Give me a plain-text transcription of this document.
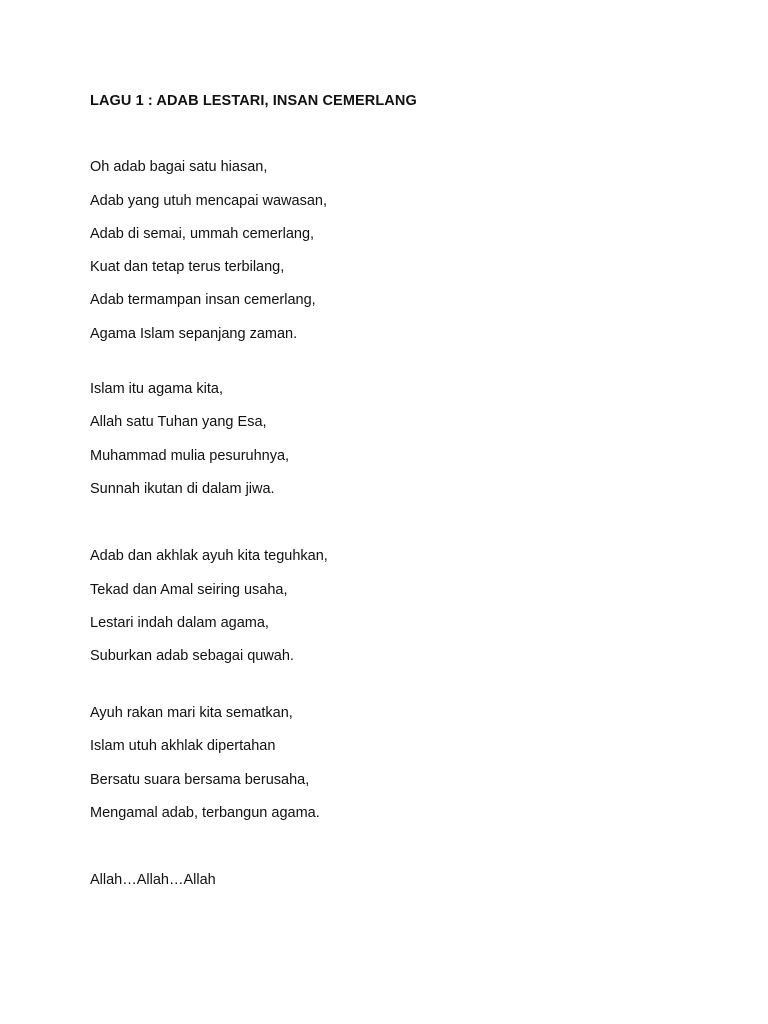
LAGU 1 : ADAB LESTARI, INSAN CEMERLANG
Oh adab bagai satu hiasan,
Adab yang utuh mencapai wawasan,
Adab di semai, ummah cemerlang,
Kuat dan tetap terus terbilang,
Adab termampan insan cemerlang,
Agama Islam sepanjang zaman.
Islam itu agama kita,
Allah satu Tuhan yang Esa,
Muhammad mulia pesuruhnya,
Sunnah ikutan di dalam jiwa.
Adab dan akhlak ayuh kita teguhkan,
Tekad dan Amal seiring usaha,
Lestari indah dalam agama,
Suburkan adab sebagai quwah.
Ayuh rakan mari kita sematkan,
Islam utuh akhlak dipertahan
Bersatu suara bersama berusaha,
Mengamal adab, terbangun agama.
Allah…Allah…Allah
